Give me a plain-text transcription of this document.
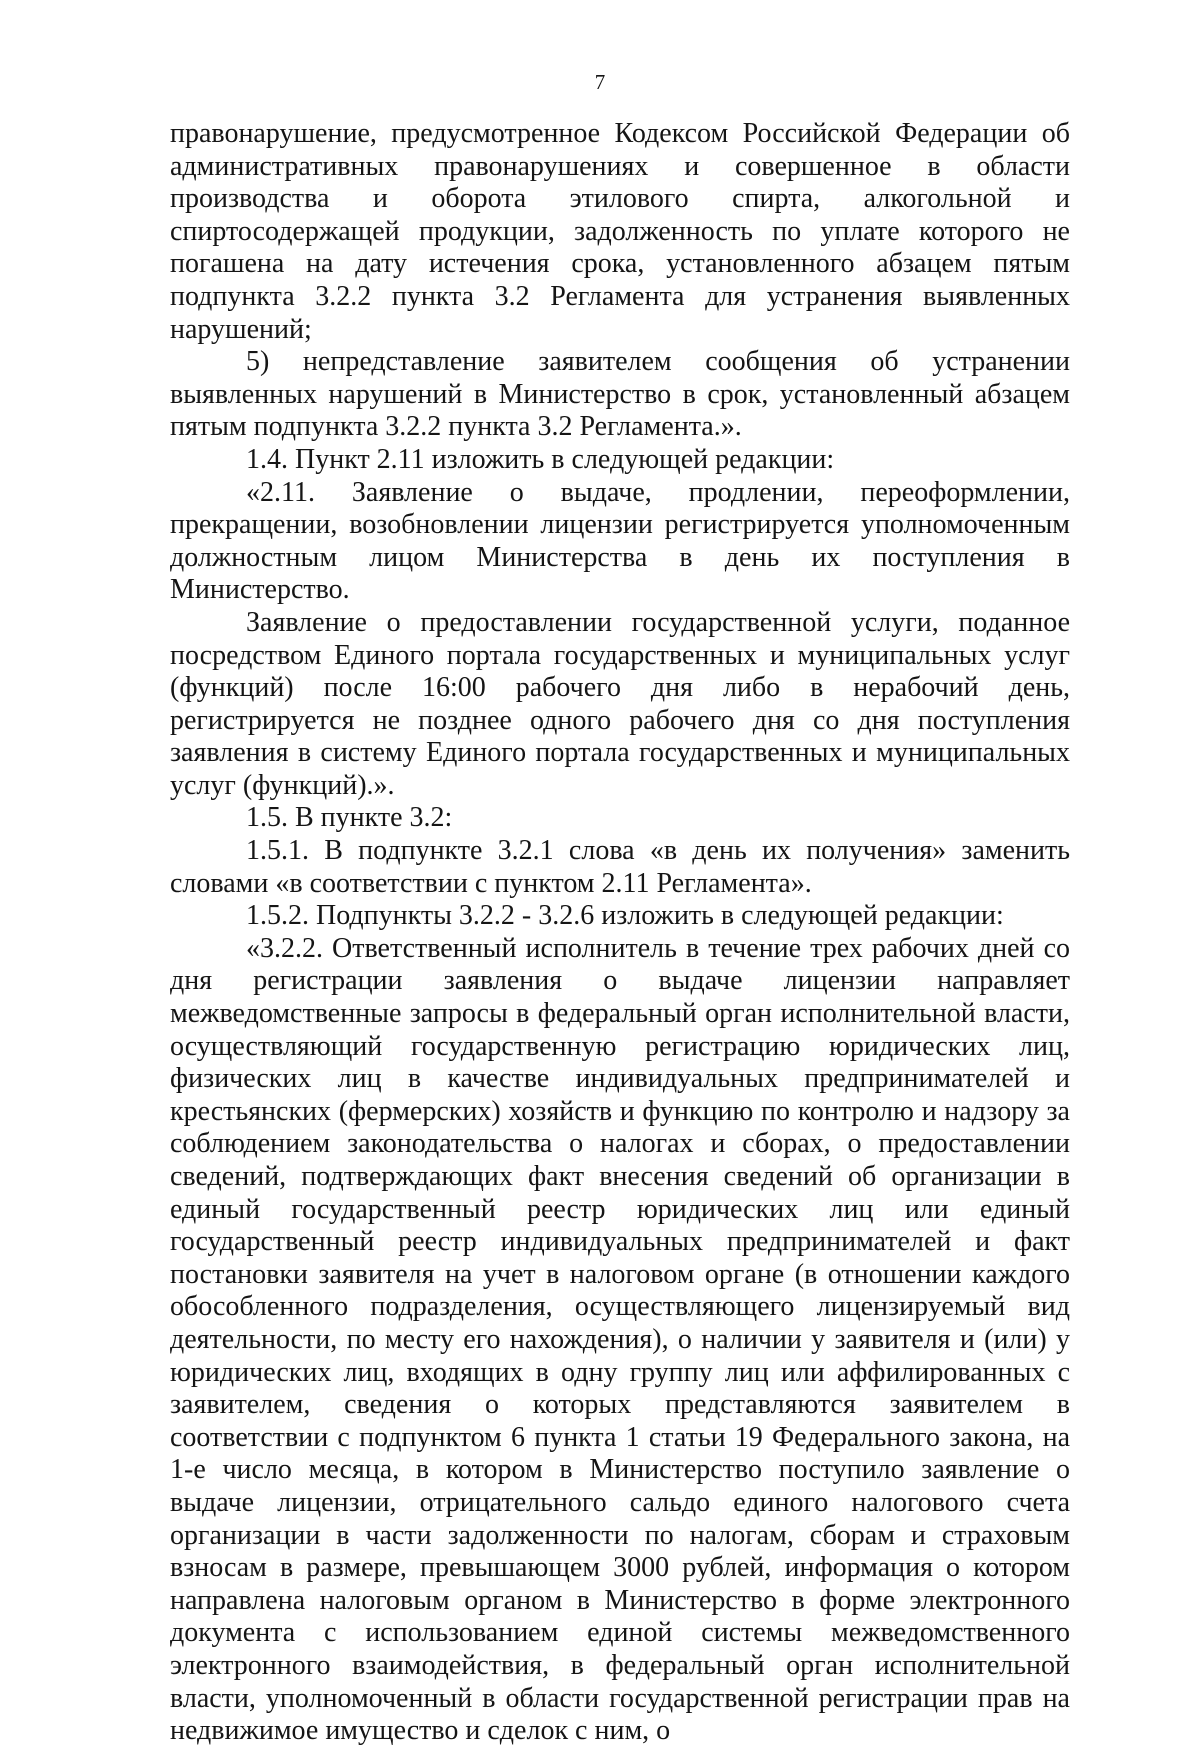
7

правонарушение, предусмотренное Кодексом Российской Федерации об административных правонарушениях и совершенное в области производства и оборота этилового спирта, алкогольной и спиртосодержащей продукции, задолженность по уплате которого не погашена на дату истечения срока, установленного абзацем пятым подпункта 3.2.2 пункта 3.2 Регламента для устранения выявленных нарушений;

5) непредставление заявителем сообщения об устранении выявленных нарушений в Министерство в срок, установленный абзацем пятым подпункта 3.2.2 пункта 3.2 Регламента.».

1.4. Пункт 2.11 изложить в следующей редакции:

«2.11. Заявление о выдаче, продлении, переоформлении, прекращении, возобновлении лицензии регистрируется уполномоченным должностным лицом Министерства в день их поступления в Министерство.

Заявление о предоставлении государственной услуги, поданное посредством Единого портала государственных и муниципальных услуг (функций) после 16:00 рабочего дня либо в нерабочий день, регистрируется не позднее одного рабочего дня со дня поступления заявления в систему Единого портала государственных и муниципальных услуг (функций).».

1.5. В пункте 3.2:

1.5.1. В подпункте 3.2.1 слова «в день их получения» заменить словами «в соответствии с пунктом 2.11 Регламента».

1.5.2. Подпункты 3.2.2 - 3.2.6 изложить в следующей редакции:

«3.2.2. Ответственный исполнитель в течение трех рабочих дней со дня регистрации заявления о выдаче лицензии направляет межведомственные запросы в федеральный орган исполнительной власти, осуществляющий государственную регистрацию юридических лиц, физических лиц в качестве индивидуальных предпринимателей и крестьянских (фермерских) хозяйств и функцию по контролю и надзору за соблюдением законодательства о налогах и сборах, о предоставлении сведений, подтверждающих факт внесения сведений об организации в единый государственный реестр юридических лиц или единый государственный реестр индивидуальных предпринимателей и факт постановки заявителя на учет в налоговом органе (в отношении каждого обособленного подразделения, осуществляющего лицензируемый вид деятельности, по месту его нахождения), о наличии у заявителя и (или) у юридических лиц, входящих в одну группу лиц или аффилированных с заявителем, сведения о которых представляются заявителем в соответствии с подпунктом 6 пункта 1 статьи 19 Федерального закона, на 1-е число месяца, в котором в Министерство поступило заявление о выдаче лицензии, отрицательного сальдо единого налогового счета организации в части задолженности по налогам, сборам и страховым взносам в размере, превышающем 3000 рублей, информация о котором направлена налоговым органом в Министерство в форме электронного документа с использованием единой системы межведомственного электронного взаимодействия, в федеральный орган исполнительной власти, уполномоченный в области государственной регистрации прав на недвижимое имущество и сделок с ним, о
